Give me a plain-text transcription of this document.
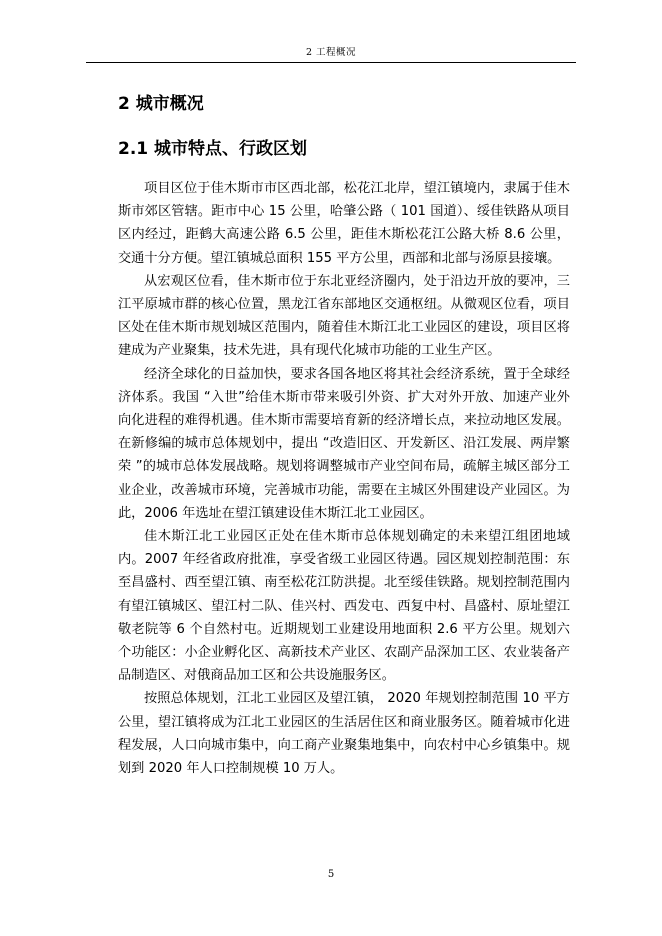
2 工程概况
2 城市概况
2.1 城市特点、行政区划

项目区位于佳木斯市市区西北部，松花江北岸，望江镇境内，隶属于佳木斯市郊区管辖。距市中心 15 公里，哈肇公路（ 101 国道）、绥佳铁路从项目区内经过，距鹤大高速公路 6.5 公里，距佳木斯松花江公路大桥 8.6 公里，交通十分方便。望江镇城总面积 155 平方公里，西部和北部与汤原县接壤。

从宏观区位看，佳木斯市位于东北亚经济圈内，处于沿边开放的要冲，三江平原城市群的核心位置，黑龙江省东部地区交通枢纽。从微观区位看，项目区处在佳木斯市规划城区范围内，随着佳木斯江北工业园区的建设，项目区将建成为产业聚集，技术先进，具有现代化城市功能的工业生产区。

经济全球化的日益加快，要求各国各地区将其社会经济系统，置于全球经济体系。我国 “入世”给佳木斯市带来吸引外资、扩大对外开放、加速产业外向化进程的难得机遇。佳木斯市需要培育新的经济增长点，来拉动地区发展。在新修编的城市总体规划中，提出 “改造旧区、开发新区、沿江发展、两岸繁荣 ”的城市总体发展战略。规划将调整城市产业空间布局，疏解主城区部分工业企业，改善城市环境，完善城市功能，需要在主城区外围建设产业园区。为此，2006 年选址在望江镇建设佳木斯江北工业园区。

佳木斯江北工业园区正处在佳木斯市总体规划确定的未来望江组团地域内。2007 年经省政府批准，享受省级工业园区待遇。园区规划控制范围：东至昌盛村、西至望江镇、南至松花江防洪提。北至绥佳铁路。规划控制范围内有望江镇城区、望江村二队、佳兴村、西发屯、西复中村、昌盛村、原址望江敬老院等 6 个自然村屯。近期规划工业建设用地面积 2.6 平方公里。规划六个功能区：小企业孵化区、高新技术产业区、农副产品深加工区、农业装备产品制造区、对俄商品加工区和公共设施服务区。

按照总体规划，江北工业园区及望江镇， 2020 年规划控制范围 10 平方公里，望江镇将成为江北工业园区的生活居住区和商业服务区。随着城市化进程发展，人口向城市集中，向工商产业聚集地集中，向农村中心乡镇集中。规划到 2020 年人口控制规模 10 万人。

5
